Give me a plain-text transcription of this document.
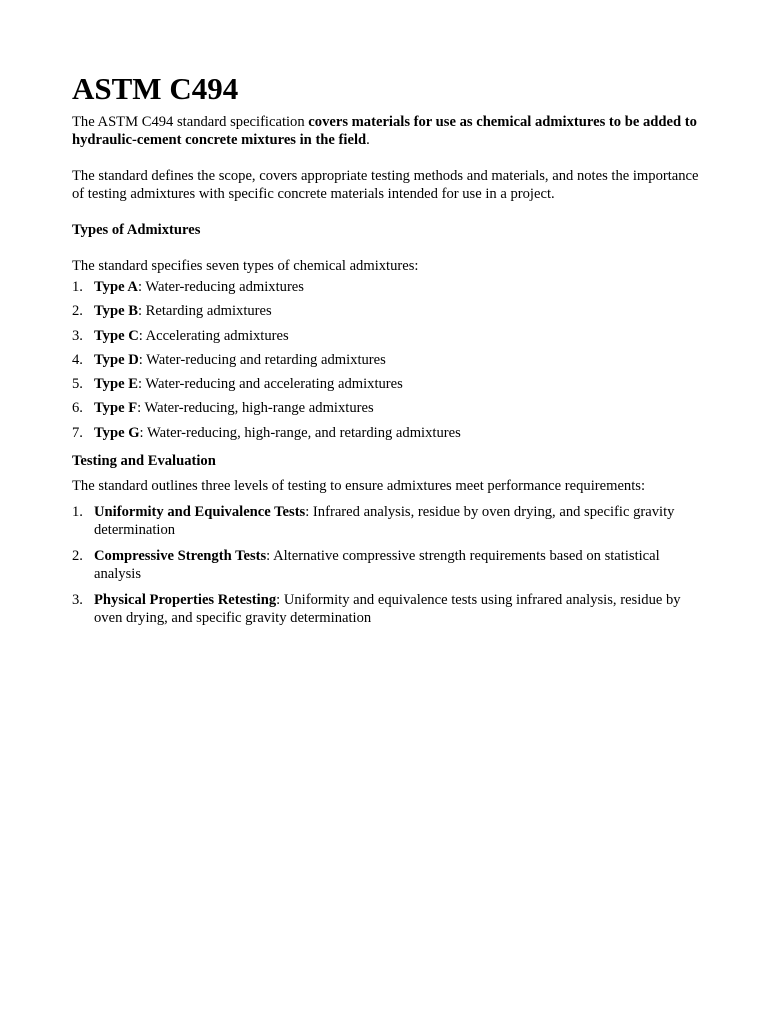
ASTM C494

The ASTM C494 standard specification covers materials for use as chemical admixtures to be added to hydraulic-cement concrete mixtures in the field.

The standard defines the scope, covers appropriate testing methods and materials, and notes the importance of testing admixtures with specific concrete materials intended for use in a project.

Types of Admixtures

The standard specifies seven types of chemical admixtures:

1. Type A: Water-reducing admixtures
2. Type B: Retarding admixtures
3. Type C: Accelerating admixtures
4. Type D: Water-reducing and retarding admixtures
5. Type E: Water-reducing and accelerating admixtures
6. Type F: Water-reducing, high-range admixtures
7. Type G: Water-reducing, high-range, and retarding admixtures
Testing and Evaluation

The standard outlines three levels of testing to ensure admixtures meet performance requirements:

1. Uniformity and Equivalence Tests: Infrared analysis, residue by oven drying, and specific gravity determination
2. Compressive Strength Tests: Alternative compressive strength requirements based on statistical analysis
3. Physical Properties Retesting: Uniformity and equivalence tests using infrared analysis, residue by oven drying, and specific gravity determination
